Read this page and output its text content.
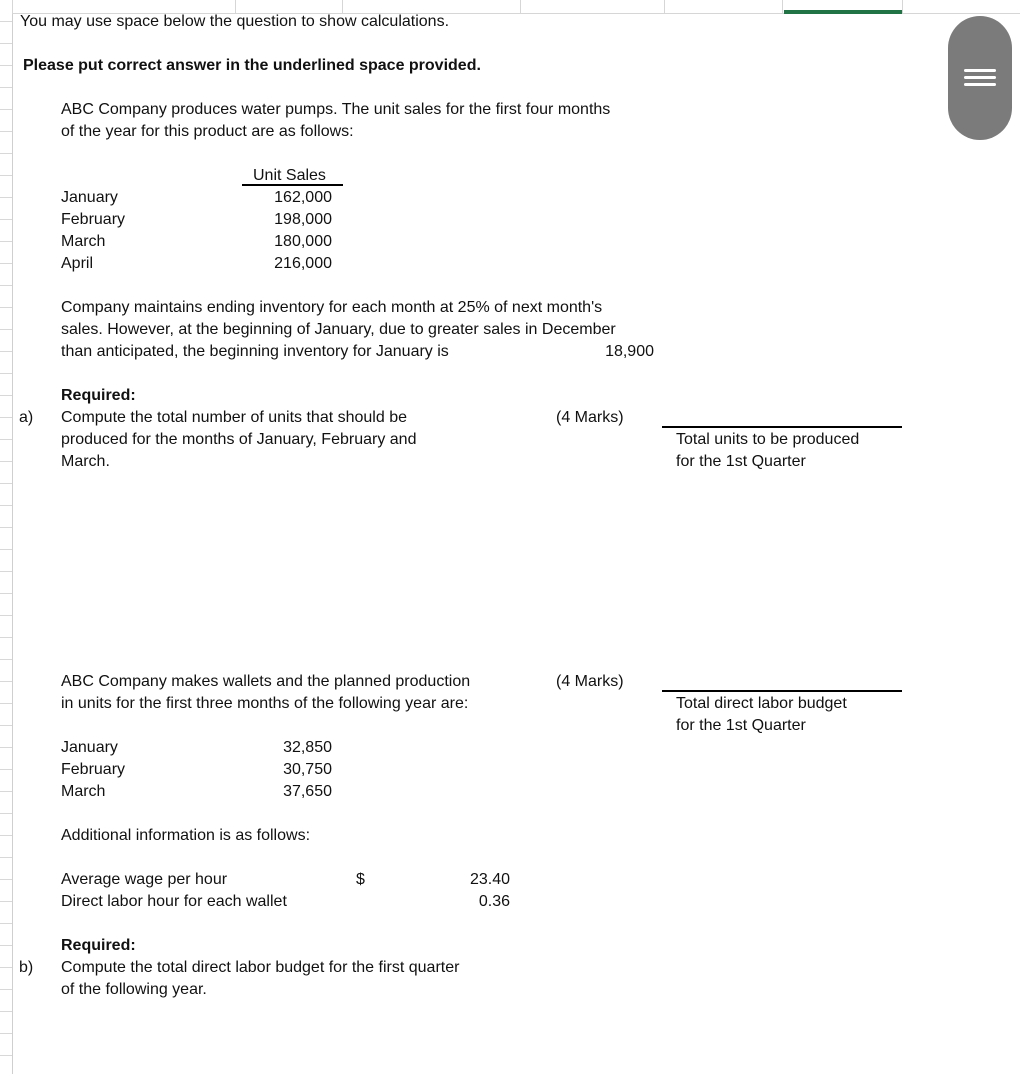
You may use space below the question to show calculations.
Please put correct answer in the underlined space provided.
ABC Company produces water pumps. The unit sales for the first four months
of the year for this product are as follows:
Unit Sales
January	162,000
February	198,000
March	180,000
April	216,000
Company maintains ending inventory for each month at 25% of next month's
sales. However, at the beginning of January, due to greater sales in December
than anticipated, the beginning inventory for January is	18,900
Required:
a) Compute the total number of units that should be
produced for the months of January, February and
March.
(4 Marks)
Total units to be produced
for the 1st Quarter
ABC Company makes wallets and the planned production
in units for the first three months of the following year are:
(4 Marks)
Total direct labor budget
for the 1st Quarter
January	32,850
February	30,750
March	37,650
Additional information is as follows:
Average wage per hour	$	23.40
Direct labor hour for each wallet	0.36
Required:
b) Compute the total direct labor budget for the first quarter
of the following year.
